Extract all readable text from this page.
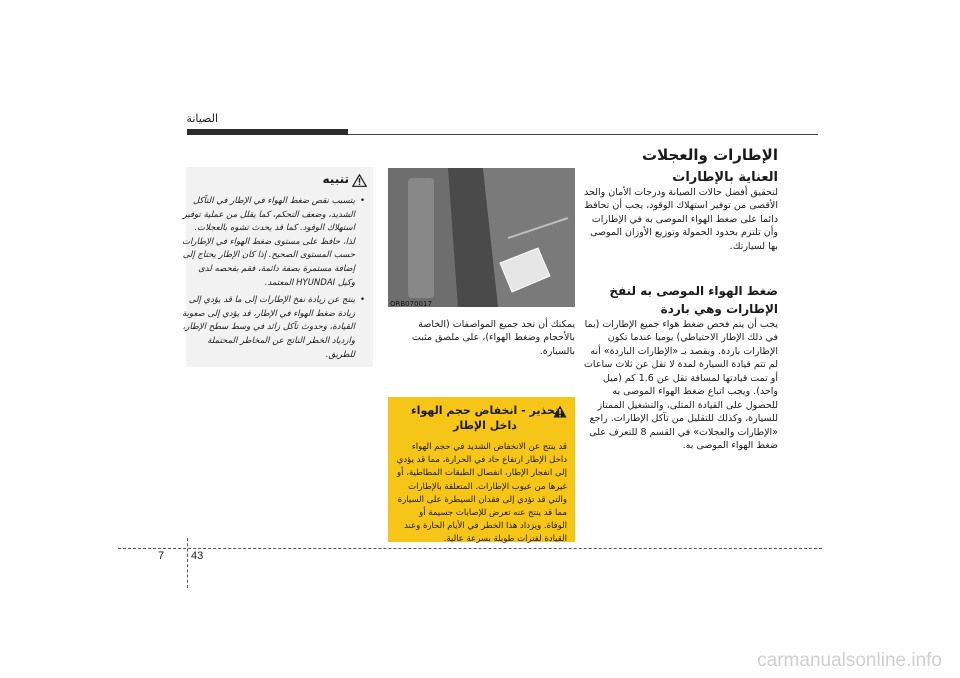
الصيانة
الإطارات والعجلات
العناية بالإطارات
لتحقيق أفضل حالات الصيانة ودرجات الأمان والحد الأقصى من توفير استهلاك الوقود، يجب أن تحافظ دائما على ضغط الهواء الموصى به في الإطارات وأن تلتزم بحدود الحمولة وتوزيع الأوزان الموصى بها لسيارتك.
ضغط الهواء الموصى به لنفخ الإطارات وهي باردة
يجب أن يتم فحص ضغط هواء جميع الإطارات (بما في ذلك الإطار الاحتياطي) يوميا عندما تكون الإطارات باردة. ويقصد بـ «الإطارات الباردة» أنه لم تتم قيادة السيارة لمدة لا تقل عن ثلاث ساعات أو تمت قيادتها لمسافة تقل عن 1.6 كم (ميل واحد). ويجب اتباع ضغط الهواء الموصى به للحصول على القيادة المثلى، والتشغيل الممتاز للسيارة، وكذلك للتقليل من تآكل الإطارات. راجع «الإطارات والعجلات» في القسم 8 للتعرف على ضغط الهواء الموصى به.
ORB070017
يمكنك أن تجد جميع المواصفات (الخاصة بالأحجام وضغط الهواء)، على ملصق مثبت بالسيارة.
تحذير - انخفاض حجم الهواء داخل الإطار
قد ينتج عن الانخفاض الشديد في حجم الهواء داخل الإطار ارتفاع حاد في الحرارة، مما قد يؤدي إلى انفجار الإطار، انفصال الطبقات المطاطية، أو غيرها من عيوب الإطارات. المتعلقة بالإطارات والتي قد تؤدي إلى فقدان السيطرة على السيارة مما قد ينتج عنه تعرض للإصابات جسيمة أو الوفاة. ويزداد هذا الخطر في الأيام الحارة وعند القيادة لفترات طويلة بسرعة عالية.
تنبيه
• يتسبب نقص ضغط الهواء في الإطار في التآكل الشديد، وضعف التحكم، كما يقلل من عملية توفير استهلاك الوقود. كما قد يحدث تشوه بالعجلات. لذا، حافظ على مستوى ضغط الهواء في الإطارات حسب المستوى الصحيح. إذا كان الإطار يحتاج إلى إضافة مستمرة بصفة دائمة، فقم بفحصه لدى وكيل HYUNDAI المعتمد.
• ينتج عن زيادة نفخ الإطارات إلى ما قد يؤدي إلى زيادة ضغط الهواء في الإطار، قد يؤدي إلى صعوبة القيادة، وحدوث تآكل زائد في وسط سطح الإطار، وازدياد الخطر الناتج عن المخاطر المحتملة للطريق.
7 43
carmanualsonline.info
